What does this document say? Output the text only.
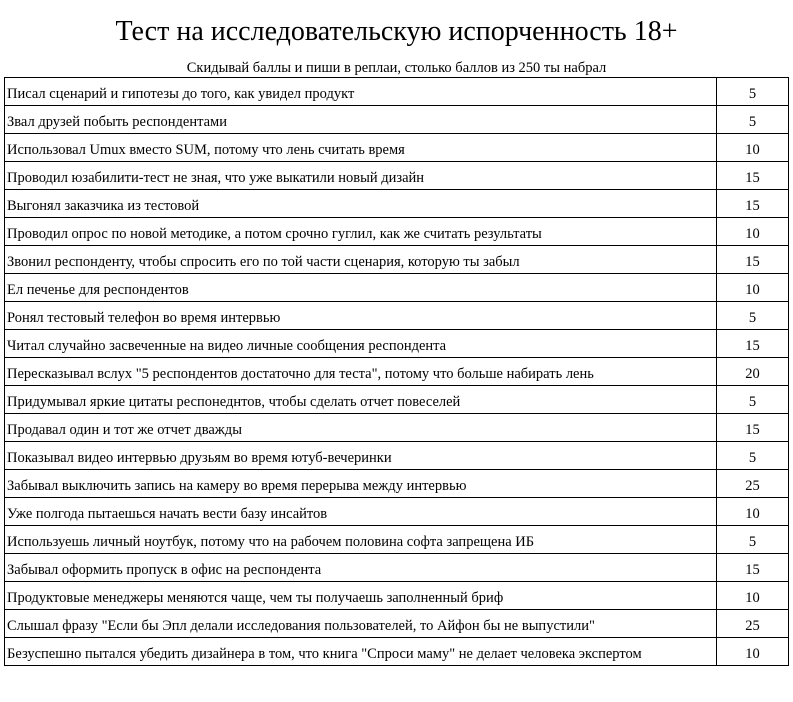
Тест на исследовательскую испорченность 18+
Скидывай баллы и пиши в реплаи, столько баллов из 250 ты набрал
Писал сценарий и гипотезы до того, как увидел продукт	5
Звал друзей побыть респондентами	5
Использовал Umux вместо SUM, потому что лень считать время	10
Проводил юзабилити-тест не зная, что уже выкатили новый дизайн	15
Выгонял заказчика из тестовой	15
Проводил опрос по новой методике, а потом срочно гуглил, как же считать результаты	10
Звонил респонденту, чтобы спросить его по той части сценария, которую ты забыл	15
Ел печенье для респондентов	10
Ронял тестовый телефон во время интервью	5
Читал случайно засвеченные на видео личные сообщения респондента	15
Пересказывал вслух "5 респондентов достаточно для теста", потому что больше набирать лень	20
Придумывал яркие цитаты респонеднтов, чтобы сделать отчет повеселей	5
Продавал один и тот же отчет дважды	15
Показывал видео интервью друзьям во время ютуб-вечеринки	5
Забывал выключить запись на камеру во время перерыва между интервью	25
Уже полгода пытаешься начать вести базу инсайтов	10
Используешь личный ноутбук, потому что на рабочем половина софта запрещена ИБ	5
Забывал оформить пропуск в офис на респондента	15
Продуктовые менеджеры меняются чаще, чем ты получаешь заполненный бриф	10
Слышал фразу "Если бы Эпл делали исследования пользователей, то Айфон бы не выпустили"	25
Безуспешно пытался убедить дизайнера в том, что книга "Спроси маму" не делает человека экспертом	10
